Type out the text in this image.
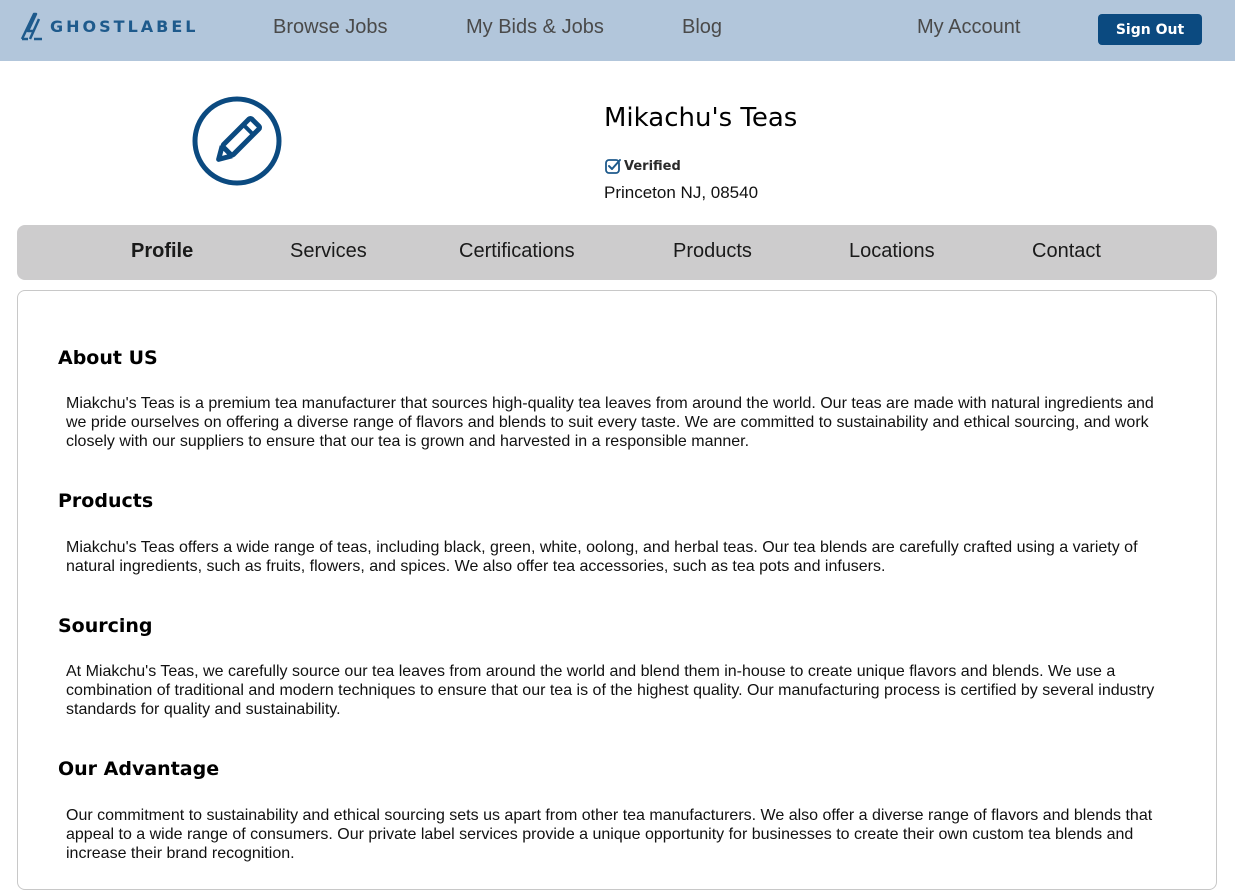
GHOSTLABEL	Browse Jobs	My Bids & Jobs	Blog	My Account	Sign Out
Mikachu's Teas
Verified
Princeton NJ, 08540
Profile	Services	Certifications	Products	Locations	Contact
About US

Miakchu's Teas is a premium tea manufacturer that sources high-quality tea leaves from around the world. Our teas are made with natural ingredients and we pride ourselves on offering a diverse range of flavors and blends to suit every taste. We are committed to sustainability and ethical sourcing, and work closely with our suppliers to ensure that our tea is grown and harvested in a responsible manner.

Products

Miakchu's Teas offers a wide range of teas, including black, green, white, oolong, and herbal teas. Our tea blends are carefully crafted using a variety of natural ingredients, such as fruits, flowers, and spices. We also offer tea accessories, such as tea pots and infusers.

Sourcing

At Miakchu's Teas, we carefully source our tea leaves from around the world and blend them in-house to create unique flavors and blends. We use a combination of traditional and modern techniques to ensure that our tea is of the highest quality. Our manufacturing process is certified by several industry standards for quality and sustainability.

Our Advantage

Our commitment to sustainability and ethical sourcing sets us apart from other tea manufacturers. We also offer a diverse range of flavors and blends that appeal to a wide range of consumers. Our private label services provide a unique opportunity for businesses to create their own custom tea blends and increase their brand recognition.
